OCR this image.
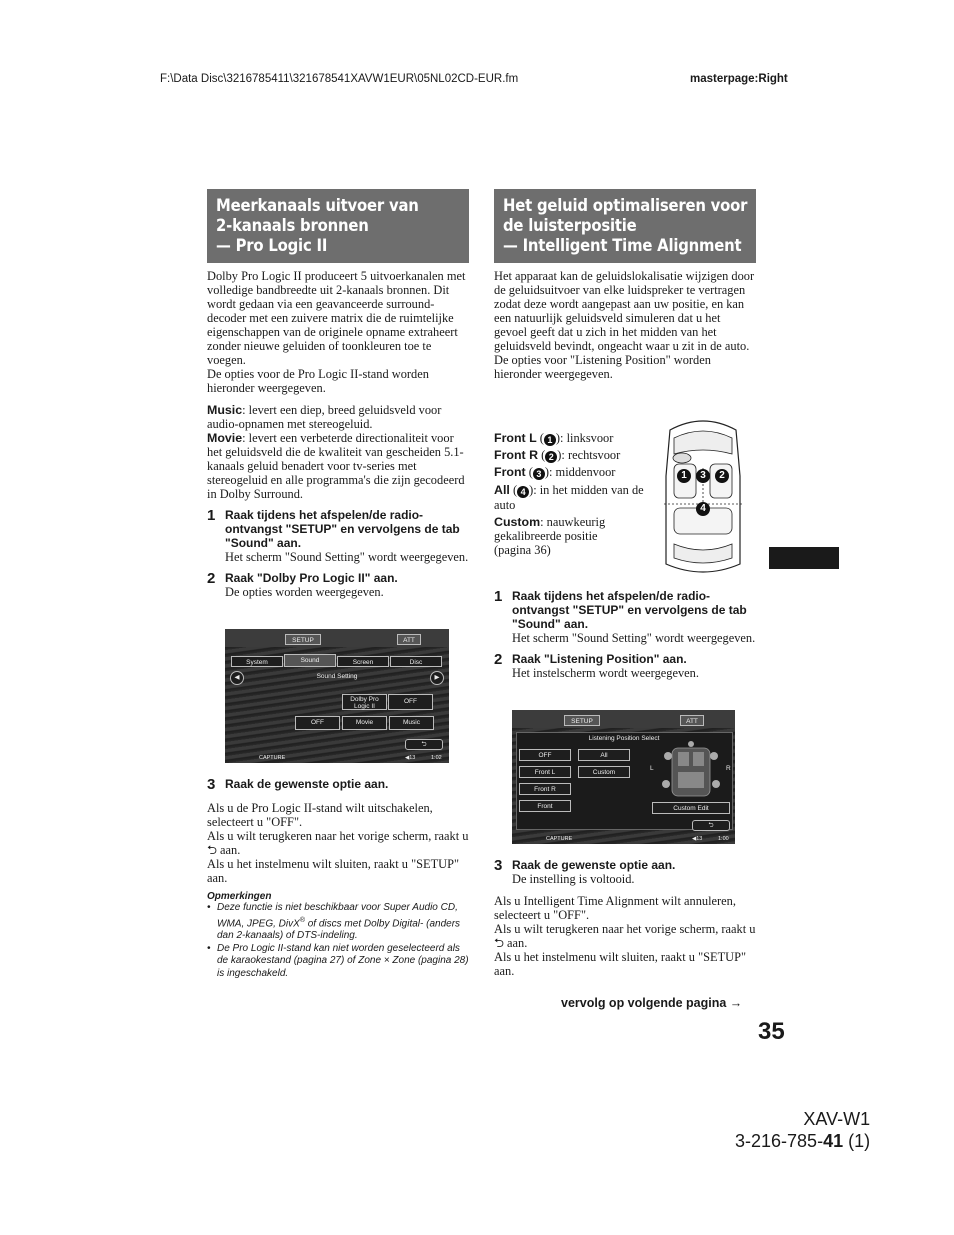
F:\Data Disc\3216785411\321678541XAVW1EUR\05NL02CD-EUR.fm	masterpage:Right
Meerkanaals uitvoer van
2-kanaals bronnen
— Pro Logic II

Dolby Pro Logic II produceert 5 uitvoerkanalen met volledige bandbreedte uit 2-kanaals bronnen. Dit wordt gedaan via een geavanceerde surround-decoder met een zuivere matrix die de ruimtelijke eigenschappen van de originele opname extraheert zonder nieuwe geluiden of toonkleuren toe te voegen.

De opties voor de Pro Logic II-stand worden hieronder weergegeven.

Music: levert een diep, breed geluidsveld voor audio-opnamen met stereogeluid.

Movie: levert een verbeterde directionaliteit voor het geluidsveld die de kwaliteit van gescheiden 5.1-kanaals geluid benadert voor tv-series met stereogeluid en alle programma's die zijn gecodeerd in Dolby Surround.

1 Raak tijdens het afspelen/de radio-ontvangst "SETUP" en vervolgens de tab "Sound" aan.
Het scherm "Sound Setting" wordt weergegeven.
2 Raak "Dolby Pro Logic II" aan.
De opties worden weergegeven.
SETUP	ATT
System	Sound	Screen	Disc
◀	▶
Sound Setting
Dolby Pro Logic II
OFF
OFF	Movie	Music
⮌
CAPTURE	◀13	1:02
3 Raak de gewenste optie aan.

Als u de Pro Logic II-stand wilt uitschakelen, selecteert u "OFF".

Als u wilt terugkeren naar het vorige scherm, raakt u ⮌ aan.

Als u het instelmenu wilt sluiten, raakt u "SETUP" aan.

Opmerkingen
• Deze functie is niet beschikbaar voor Super Audio CD, WMA, JPEG, DivX® of discs met Dolby Digital- (anders dan 2-kanaals) of DTS-indeling.
• De Pro Logic II-stand kan niet worden geselecteerd als de karaokestand (pagina 27) of Zone × Zone (pagina 28) is ingeschakeld.
Het geluid optimaliseren voor
de luisterpositie
— Intelligent Time Alignment

Het apparaat kan de geluidslokalisatie wijzigen door de geluidsuitvoer van elke luidspreker te vertragen zodat deze wordt aangepast aan uw positie, en kan een natuurlijk geluidsveld simuleren dat u het gevoel geeft dat u zich in het midden van het geluidsveld bevindt, ongeacht waar u zit in de auto.

De opties voor "Listening Position" worden hieronder weergegeven.

Front L ( 1 ): linksvoor

Front R ( 2 ): rechtsvoor

Front ( 3 ): middenvoor

All ( 4 ): in het midden van de auto

Custom: nauwkeurig gekalibreerde positie (pagina 36)

1	3	2
4
1 Raak tijdens het afspelen/de radio-ontvangst "SETUP" en vervolgens de tab "Sound" aan.
Het scherm "Sound Setting" wordt weergegeven.
2 Raak "Listening Position" aan.
Het instelscherm wordt weergegeven.
SETUP	ATT
Listening Position Select
OFF
Front L
Front R
Front
All
Custom
L	R
Custom Edit
⮌
CAPTURE	◀13	1:00
3 Raak de gewenste optie aan.
De instelling is voltooid.

Als u Intelligent Time Alignment wilt annuleren, selecteert u "OFF".

Als u wilt terugkeren naar het vorige scherm, raakt u ⮌ aan.

Als u het instelmenu wilt sluiten, raakt u "SETUP" aan.

vervolg op volgende pagina →
35
XAV-W1
3-216-785-41 (1)
